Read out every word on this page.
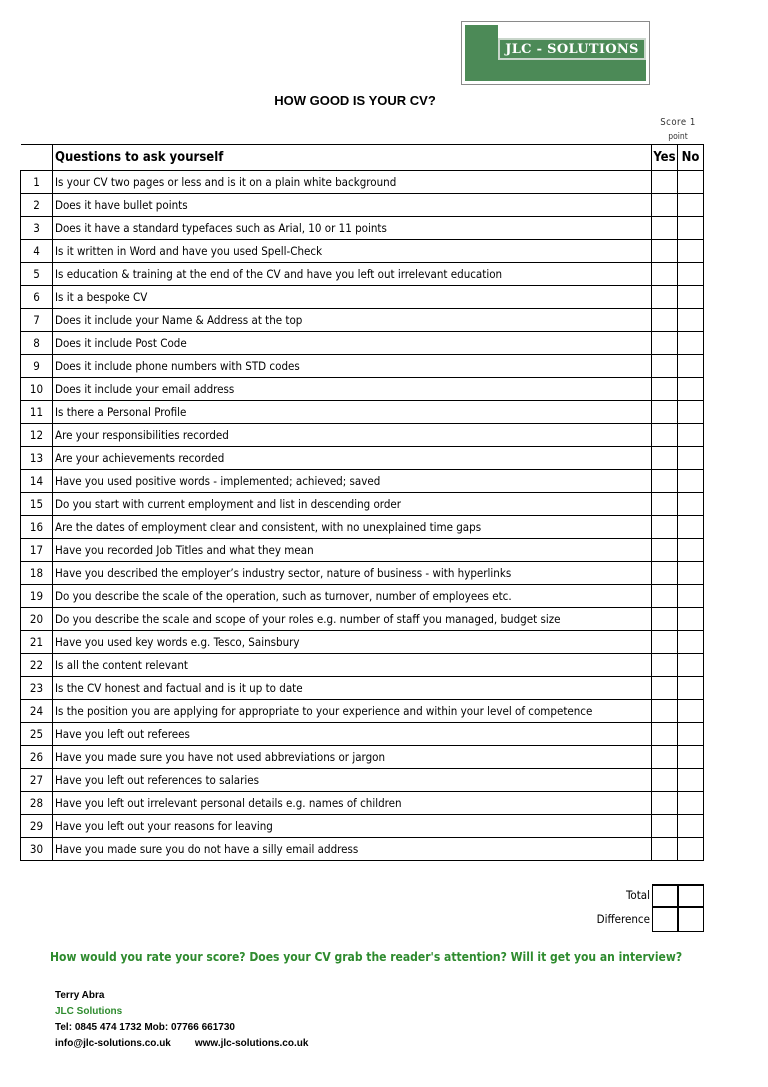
JLC - SOLUTIONS
HOW GOOD IS YOUR CV?
Score 1
point
	Questions to ask yourself	Yes	No
1	Is your CV two pages or less and is it on a plain white background		
2	Does it have bullet points		
3	Does it have a standard typefaces such as Arial, 10 or 11 points		
4	Is it written in Word and have you used Spell-Check		
5	Is education & training at the end of the CV and have you left out irrelevant education		
6	Is it a bespoke CV		
7	Does it include your Name & Address at the top		
8	Does it include Post Code		
9	Does it include phone numbers with STD codes		
10	Does it include your email address		
11	Is there a Personal Profile		
12	Are your responsibilities recorded		
13	Are your achievements recorded		
14	Have you used positive words - implemented; achieved; saved		
15	Do you start with current employment and list in descending order		
16	Are the dates of employment clear and consistent, with no unexplained time gaps		
17	Have you recorded Job Titles and what they mean		
18	Have you described the employer’s industry sector, nature of business - with hyperlinks		
19	Do you describe the scale of the operation, such as turnover, number of employees etc.		
20	Do you describe the scale and scope of your roles e.g. number of staff you managed, budget size		
21	Have you used key words e.g. Tesco, Sainsbury		
22	Is all the content relevant		
23	Is the CV honest and factual and is it up to date		
24	Is the position you are applying for appropriate to your experience and within your level of competence		
25	Have you left out referees		
26	Have you made sure you have not used abbreviations or jargon		
27	Have you left out references to salaries		
28	Have you left out irrelevant personal details e.g. names of children		
29	Have you left out your reasons for leaving		
30	Have you made sure you do not have a silly email address		
Total
Difference
How would you rate your score? Does your CV grab the reader's attention? Will it get you an interview?
Terry Abra
JLC Solutions
Tel: 0845 474 1732 Mob: 07766 661730
info@jlc-solutions.co.uk www.jlc-solutions.co.uk
